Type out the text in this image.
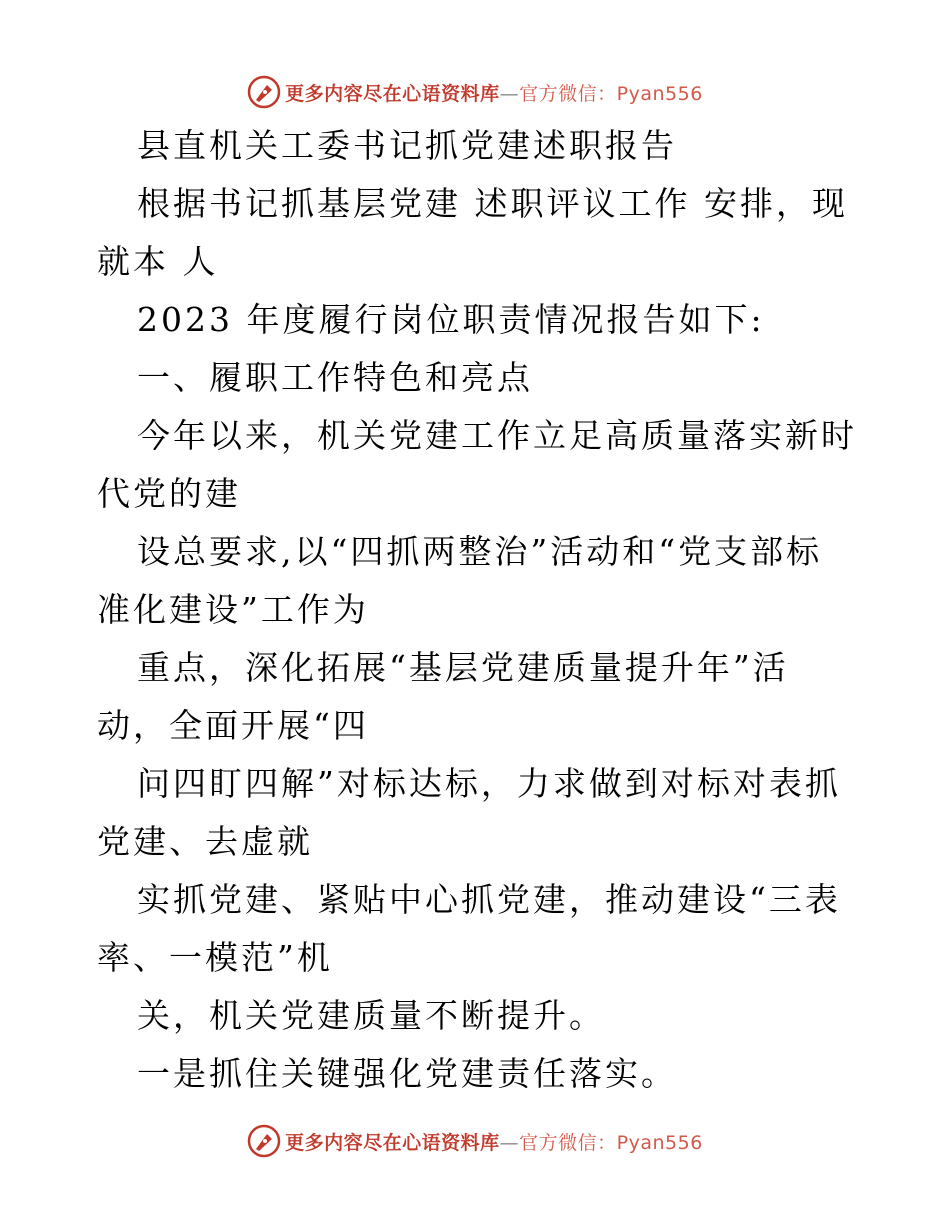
更多内容尽在心语资料库—官方微信：Pyan556

县直机关工委书记抓党建述职报告

根据书记抓基层党建 述职评议工作 安排，现就本 人

2023 年度履行岗位职责情况报告如下:

一、履职工作特色和亮点

今年以来，机关党建工作立足高质量落实新时代党的建

设总要求,以“四抓两整治”活动和“党支部标准化建设”工作为

重点，深化拓展“基层党建质量提升年”活动，全面开展“四

问四盯四解”对标达标，力求做到对标对表抓党建、去虚就

实抓党建、紧贴中心抓党建，推动建设“三表率、一模范”机

关，机关党建质量不断提升。

一是抓住关键强化党建责任落实。

更多内容尽在心语资料库—官方微信：Pyan556
